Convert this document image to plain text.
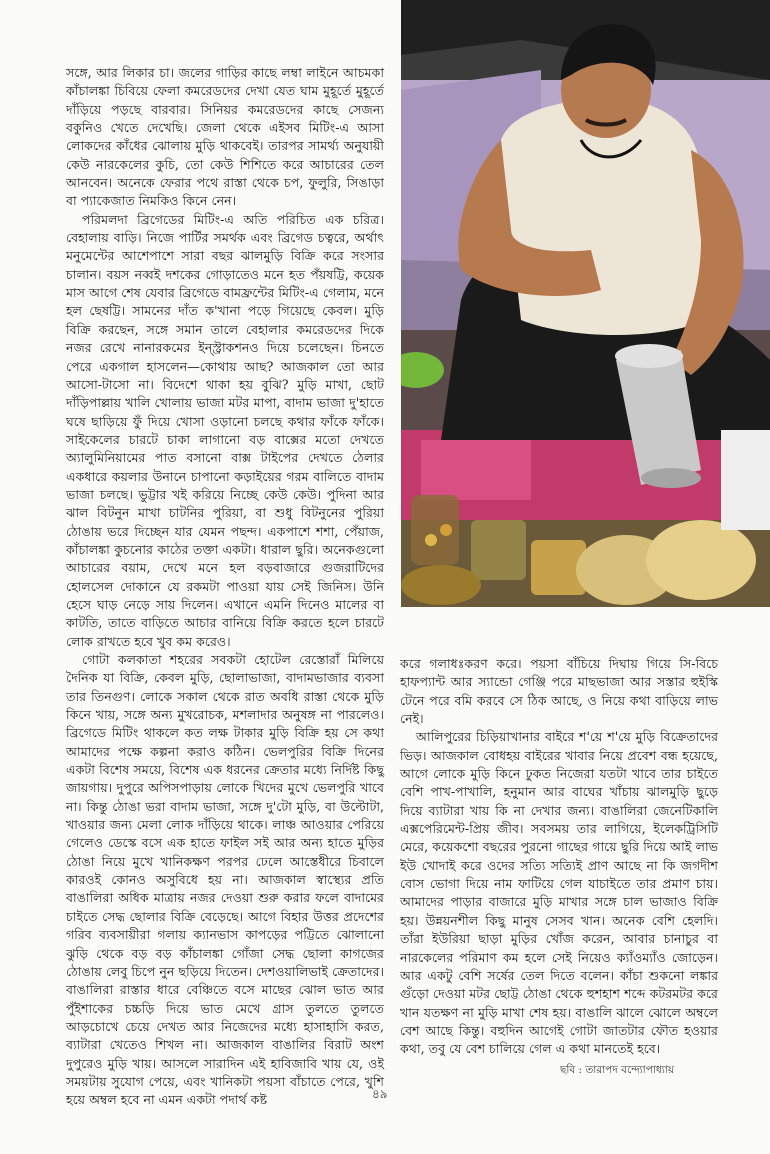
সঙ্গে, আর লিকার চা। জলের গাড়ির কাছে লম্বা লাইনে আচমকা কাঁচালঙ্কা চিবিয়ে ফেলা কমরেডদের দেখা যেত ঘাম মুহূর্তে মুহূর্তে দাঁড়িয়ে পড়ছে বারবার। সিনিয়র কমরেডদের কাছে সেজন্য বকুনিও খেতে দেখেছি। জেলা থেকে এইসব মিটিং-এ আসা লোকদের কাঁধের ঝোলায় মুড়ি থাকবেই। তারপর সামর্থ্য অনুযায়ী কেউ নারকেলের কুচি, তো কেউ শিশিতে করে আচারের তেল আনবেন। অনেকে ফেরার পথে রাস্তা থেকে চপ, ফুলুরি, সিঙাড়া বা প্যাকেজাত নিমকিও কিনে নেন।

পরিমলদা ব্রিগেডের মিটিং-এ অতি পরিচিত এক চরিত্র। বেহালায় বাড়ি। নিজে পার্টির সমর্থক এবং ব্রিগেড চত্বরে, অর্থাৎ মনুমেন্টের আশেপাশে সারা বছর ঝালমুড়ি বিক্রি করে সংসার চালান। বয়স নব্বই দশকের গোড়াতেও মনে হত পঁয়ষট্টি, কয়েক মাস আগে শেষ যেবার ব্রিগেডে বামফ্রন্টের মিটিং-এ গেলাম, মনে হল ছেষট্টি। সামনের দাঁত ক'খানা পড়ে গিয়েছে কেবল। মুড়ি বিক্রি করছেন, সঙ্গে সমান তালে বেহালার কমরেডদের দিকে নজর রেখে নানারকমের ইন্‌স্ট্রাকশনও দিয়ে চলেছেন। চিনতে পেরে একগাল হাসলেন—কোথায় আছ? আজকাল তো আর আসো-টাসো না। বিদেশে থাকা হয় বুঝি? মুড়ি মাখা, ছোট দাঁড়িপাল্লায় খালি খোলায় ভাজা মটর মাপা, বাদাম ভাজা দু'হাতে ঘষে ছাড়িয়ে ফুঁ দিয়ে খোসা ওড়ানো চলছে কথার ফাঁকে ফাঁকে। সাইকেলের চারটে চাকা লাগানো বড় বাক্সের মতো দেখতে অ্যালুমিনিয়ামের পাত বসানো বাক্স টাইপের দেখতে ঠেলার একধারে কয়লার উনানে চাপানো কড়াইয়ের গরম বালিতে বাদাম ভাজা চলছে। ভুট্টার খই করিয়ে নিচ্ছে কেউ কেউ। পুদিনা আর ঝাল বিটনুন মাখা চাটনির পুরিয়া, বা শুধু বিটনুনের পুরিয়া ঠোঙায় ভরে দিচ্ছেন যার যেমন পছন্দ। একপাশে শশা, পেঁয়াজ, কাঁচালঙ্কা কুচনোর কাঠের তক্তা একটা। ধারাল ছুরি। অনেকগুলো আচারের বয়াম, দেখে মনে হল বড়বাজারে গুজরাটিদের হোলসেল দোকানে যে রকমটা পাওয়া যায় সেই জিনিস। উনি হেসে ঘাড় নেড়ে সায় দিলেন। এখানে এমনি দিনেও মালের বা কাটতি, তাতে বাড়িতে আচার বানিয়ে বিক্রি করতে হলে চারটে লোক রাখতে হবে খুব কম করেও।

গোটা কলকাতা শহরের সবকটা হোটেল রেস্তোরাঁ মিলিয়ে দৈনিক যা বিক্রি, কেবল মুড়ি, ছোলাভাজা, বাদামভাজার ব্যবসা তার তিনগুণ। লোকে সকাল থেকে রাত অবধি রাস্তা থেকে মুড়ি কিনে খায়, সঙ্গে অন্য মুখরোচক, মশলাদার অনুষঙ্গ না পারলেও। ব্রিগেডে মিটিং থাকলে কত লক্ষ টাকার মুড়ি বিক্রি হয় সে কথা আমাদের পক্ষে কল্পনা করাও কঠিন। ভেলপুরির বিক্রি দিনের একটা বিশেষ সময়ে, বিশেষ এক ধরনের ক্রেতার মধ্যে নির্দিষ্ট কিছু জায়গায়। দুপুরে অপিসপাড়ায় লোকে খিদের মুখে ভেলপুরি খাবে না। কিন্তু ঠোঙা ভরা বাদাম ভাজা, সঙ্গে দু'টো মুড়ি, বা উল্টোটা, খাওয়ার জন্য মেলা লোক দাঁড়িয়ে থাকে। লাঞ্চ আওয়ার পেরিয়ে গেলেও ডেস্কে বসে এক হাতে ফাইল সই আর অন্য হাতে মুড়ির ঠোঙা নিয়ে মুখে খানিকক্ষণ পরপর ঢেলে আস্তেধীরে চিবালে কারওই কোনও অসুবিধে হয় না। আজকাল স্বাস্থ্যের প্রতি বাঙালিরা অধিক মাত্রায় নজর দেওয়া শুরু করার ফলে বাদামের চাইতে সেদ্ধ ছোলার বিক্রি বেড়েছে। আগে বিহার উত্তর প্রদেশের গরিব ব্যবসায়ীরা গলায় ক্যানভাস কাপড়ের পট্টিতে ঝোলানো ঝুড়ি থেকে বড় বড় কাঁচালঙ্কা গোঁজা সেদ্ধ ছোলা কাগজের ঠোঙায় লেবু চিপে নুন ছড়িয়ে দিতেন। দেশওয়ালিভাই ক্রেতাদের। বাঙালিরা রাস্তার ধারে বেঞ্চিতে বসে মাছের ঝোল ভাত আর পুঁইশাকের চচ্চড়ি দিয়ে ভাত মেখে গ্রাস তুলতে তুলতে আড়চোখে চেয়ে দেখত আর নিজেদের মধ্যে হাসাহাসি করত, ব্যাটারা খেতেও শিখল না। আজকাল বাঙালির বিরাট অংশ দুপুরেও মুড়ি খায়। আসলে সারাদিন এই হাবিজাবি খায় যে, ওই সময়টায় সুযোগ পেয়ে, এবং খানিকটা পয়সা বাঁচাতে পেরে, খুশি হয়ে অম্বল হবে না এমন একটা পদার্থ কষ্ট

করে গলাধঃকরণ করে। পয়সা বাঁচিয়ে দিঘায় গিয়ে সি-বিচে হাফপ্যান্ট আর স্যান্ডো গেঞ্জি পরে মাছভাজা আর সস্তার হুইস্কি টেনে পরে বমি করবে সে ঠিক আছে, ও নিয়ে কথা বাড়িয়ে লাভ নেই।

আলিপুরের চিড়িয়াখানার বাইরে শ'য়ে শ'য়ে মুড়ি বিক্রেতাদের ভিড়। আজকাল বোধহয় বাইরের খাবার নিয়ে প্রবেশ বন্ধ হয়েছে, আগে লোকে মুড়ি কিনে ঢুকত নিজেরা যতটা খাবে তার চাইতে বেশি পাখ-পাখালি, হনুমান আর বাঘের খাঁচায় ঝালমুড়ি ছুড়ে দিয়ে ব্যাটারা খায় কি না দেখার জন্য। বাঙালিরা জেনেটিকালি এক্সপেরিমেন্ট-প্রিয় জীব। সবসময় তার লাগিয়ে, ইলেকট্রিসিটি মেরে, কয়েকশো বছরের পুরনো গাছের গায়ে ছুরি দিয়ে আই লাভ ইউ খোদাই করে ওদের সত্যি সত্যিই প্রাণ আছে না কি জগদীশ বোস ভোগা দিয়ে নাম ফাটিয়ে গেল যাচাইতে তার প্রমাণ চায়। আমাদের পাড়ার বাজারে মুড়ি মাখার সঙ্গে চাল ভাজাও বিক্রি হয়। উন্নয়নশীল কিছু মানুষ সেসব খান। অনেক বেশি হেলদি। তাঁরা ইউরিয়া ছাড়া মুড়ির খোঁজ করেন, আবার চানাচুর বা নারকেলের পরিমাণ কম হলে সেই নিয়েও ক্যাঁওম্যাঁও জোড়েন। আর একটু বেশি সর্ষের তেল দিতে বলেন। কাঁচা শুকনো লঙ্কার গুঁড়ো দেওয়া মটর ছোট্ট ঠোঙা থেকে হুশহাশ শব্দে কটরমটর করে খান যতক্ষণ না মুড়ি মাখা শেষ হয়। বাঙালি ঝালে ঝোলে অম্বলে বেশ আছে কিন্তু। বহুদিন আগেই গোটা জাতটার ফৌত হওয়ার কথা, তবু যে বেশ চালিয়ে গেল এ কথা মানতেই হবে।

ছবি : তারাপদ বন্দ্যোপাধ্যায়
৪৯
